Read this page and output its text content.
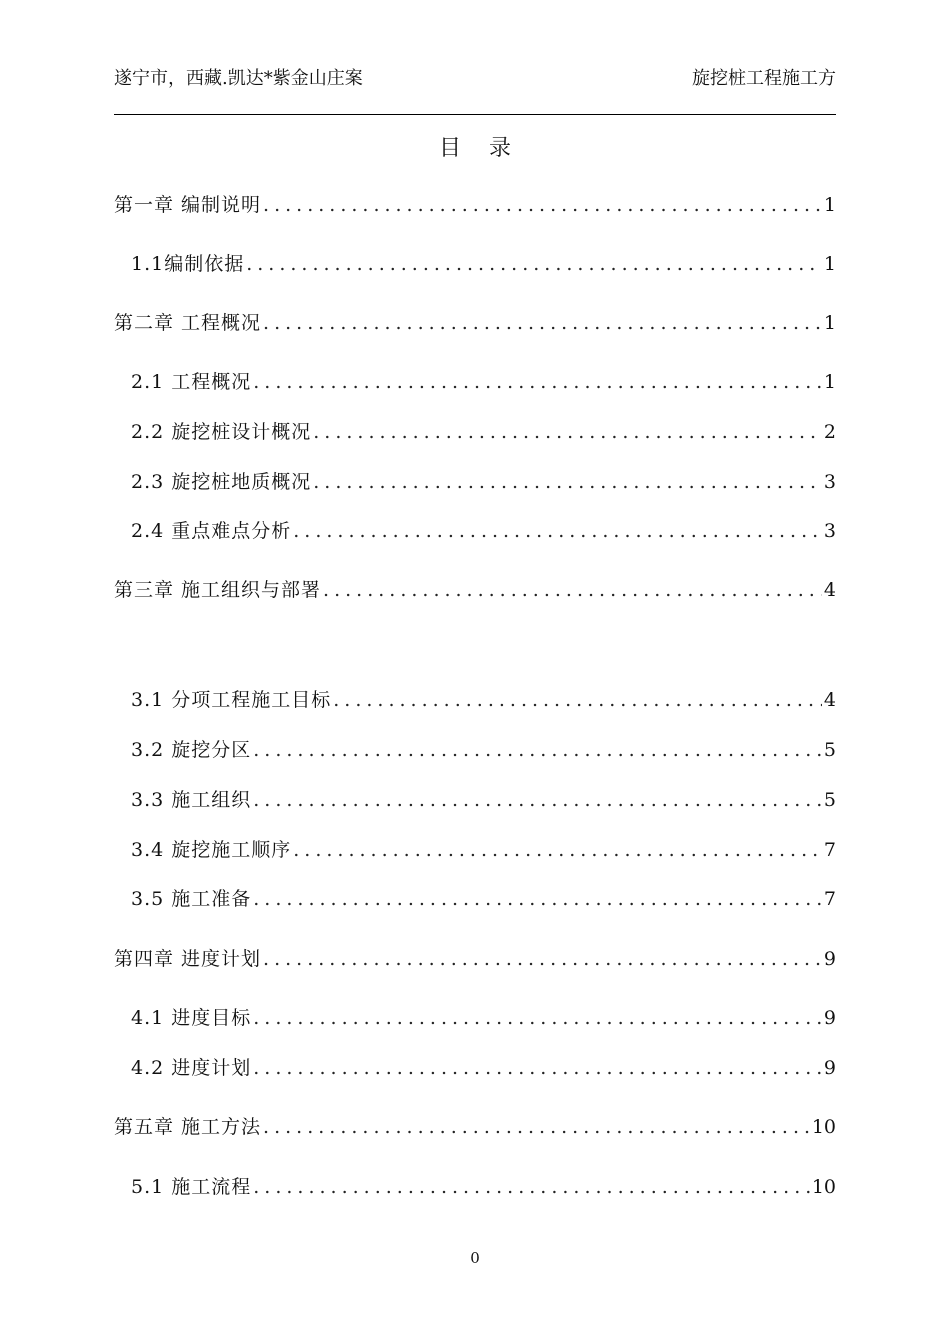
遂宁市，西藏.凯达*紫金山庄案	旋挖桩工程施工方
目录
第一章 编制说明 .....	1
1.1编制依据 .....	1
第二章 工程概况 .....	1
2.1 工程概况 .....	1
2.2 旋挖桩设计概况 .....	2
2.3 旋挖桩地质概况 .....	3
2.4 重点难点分析 .....	3
第三章 施工组织与部署 .....	4
3.1 分项工程施工目标 .....	4
3.2 旋挖分区 .....	5
3.3 施工组织 .....	5
3.4 旋挖施工顺序 .....	7
3.5 施工准备 .....	7
第四章 进度计划 .....	9
4.1 进度目标 .....	9
4.2 进度计划 .....	9
第五章 施工方法 .....	10
5.1 施工流程 .....	10
0
